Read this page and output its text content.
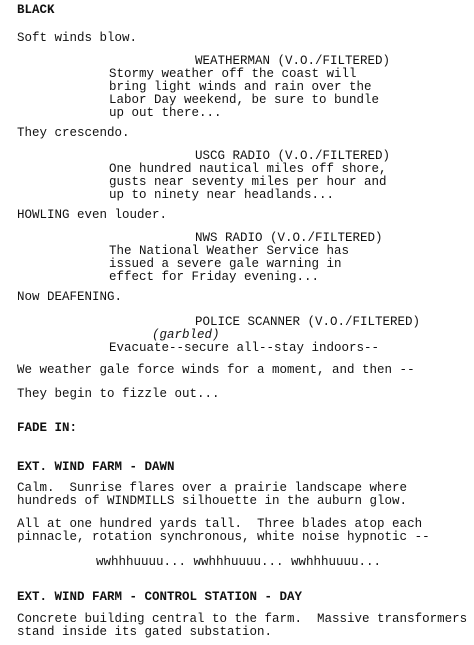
BLACK
Soft winds blow.
WEATHERMAN (V.O./FILTERED)
Stormy weather off the coast will
bring light winds and rain over the
Labor Day weekend, be sure to bundle
up out there...
They crescendo.
USCG RADIO (V.O./FILTERED)
One hundred nautical miles off shore,
gusts near seventy miles per hour and
up to ninety near headlands...
HOWLING even louder.
NWS RADIO (V.O./FILTERED)
The National Weather Service has
issued a severe gale warning in
effect for Friday evening...
Now DEAFENING.
POLICE SCANNER (V.O./FILTERED)
(garbled)
Evacuate--secure all--stay indoors--
We weather gale force winds for a moment, and then --
They begin to fizzle out...
FADE IN:
EXT. WIND FARM - DAWN
Calm.  Sunrise flares over a prairie landscape where
hundreds of WINDMILLS silhouette in the auburn glow.
All at one hundred yards tall.  Three blades atop each
pinnacle, rotation synchronous, white noise hypnotic --
wwhhhuuuu... wwhhhuuuu... wwhhhuuuu...
EXT. WIND FARM - CONTROL STATION - DAY
Concrete building central to the farm.  Massive transformers
stand inside its gated substation.
